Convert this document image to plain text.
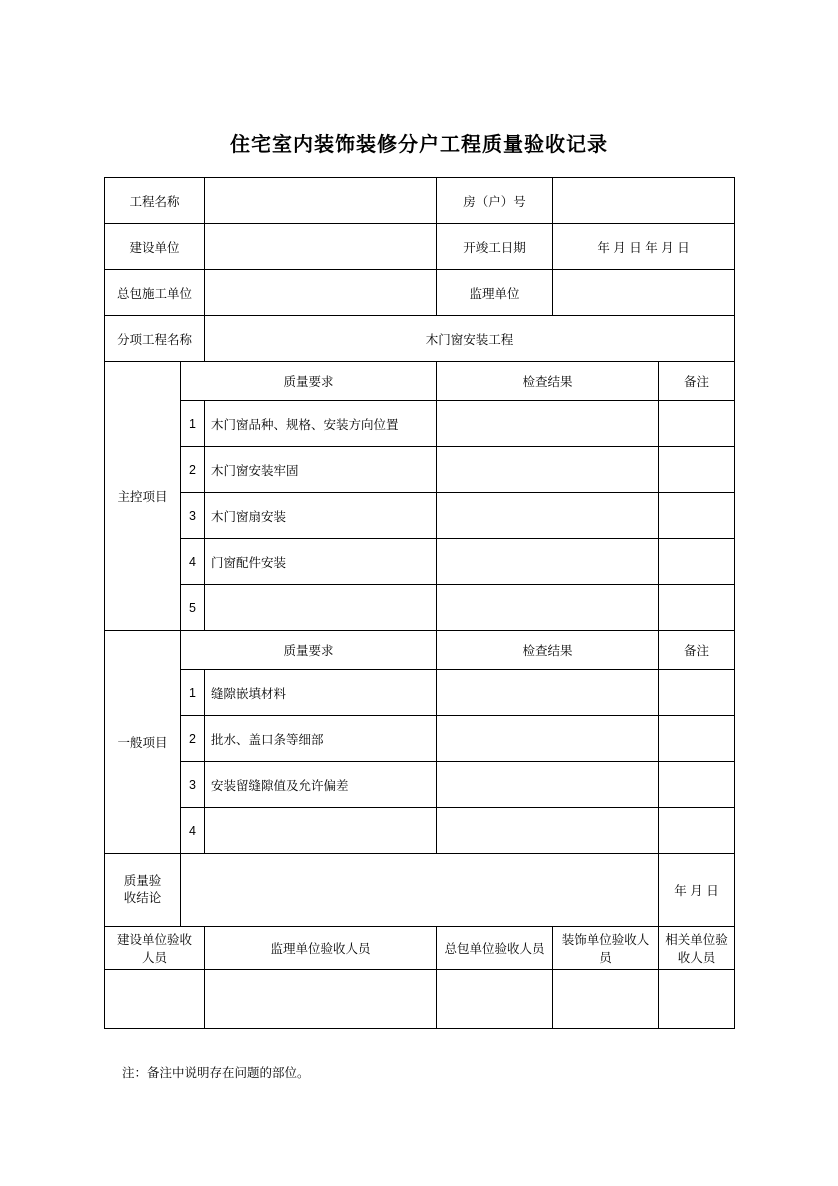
住宅室内装饰装修分户工程质量验收记录
工程名称			房（户）号		
建设单位			开竣工日期	年 月 日 年 月 日	
总包施工单位			监理单位		
分项工程名称		木门窗安装工程			
主控项目	质量要求		检查结果		备注
	1	木门窗品种、规格、安装方向位置			
	2	木门窗安装牢固			
	3	木门窗扇安装			
	4	门窗配件安装			
	5				
一般项目	质量要求		检查结果		备注
	1	缝隙嵌填材料			
	2	批水、盖口条等细部			
	3	安装留缝隙值及允许偏差			
	4				

质量验
收结论					年 月 日
建设单位验收人员		监理单位验收人员	总包单位验收人员	装饰单位验收人员	相关单位验收人员

注：备注中说明存在问题的部位。
